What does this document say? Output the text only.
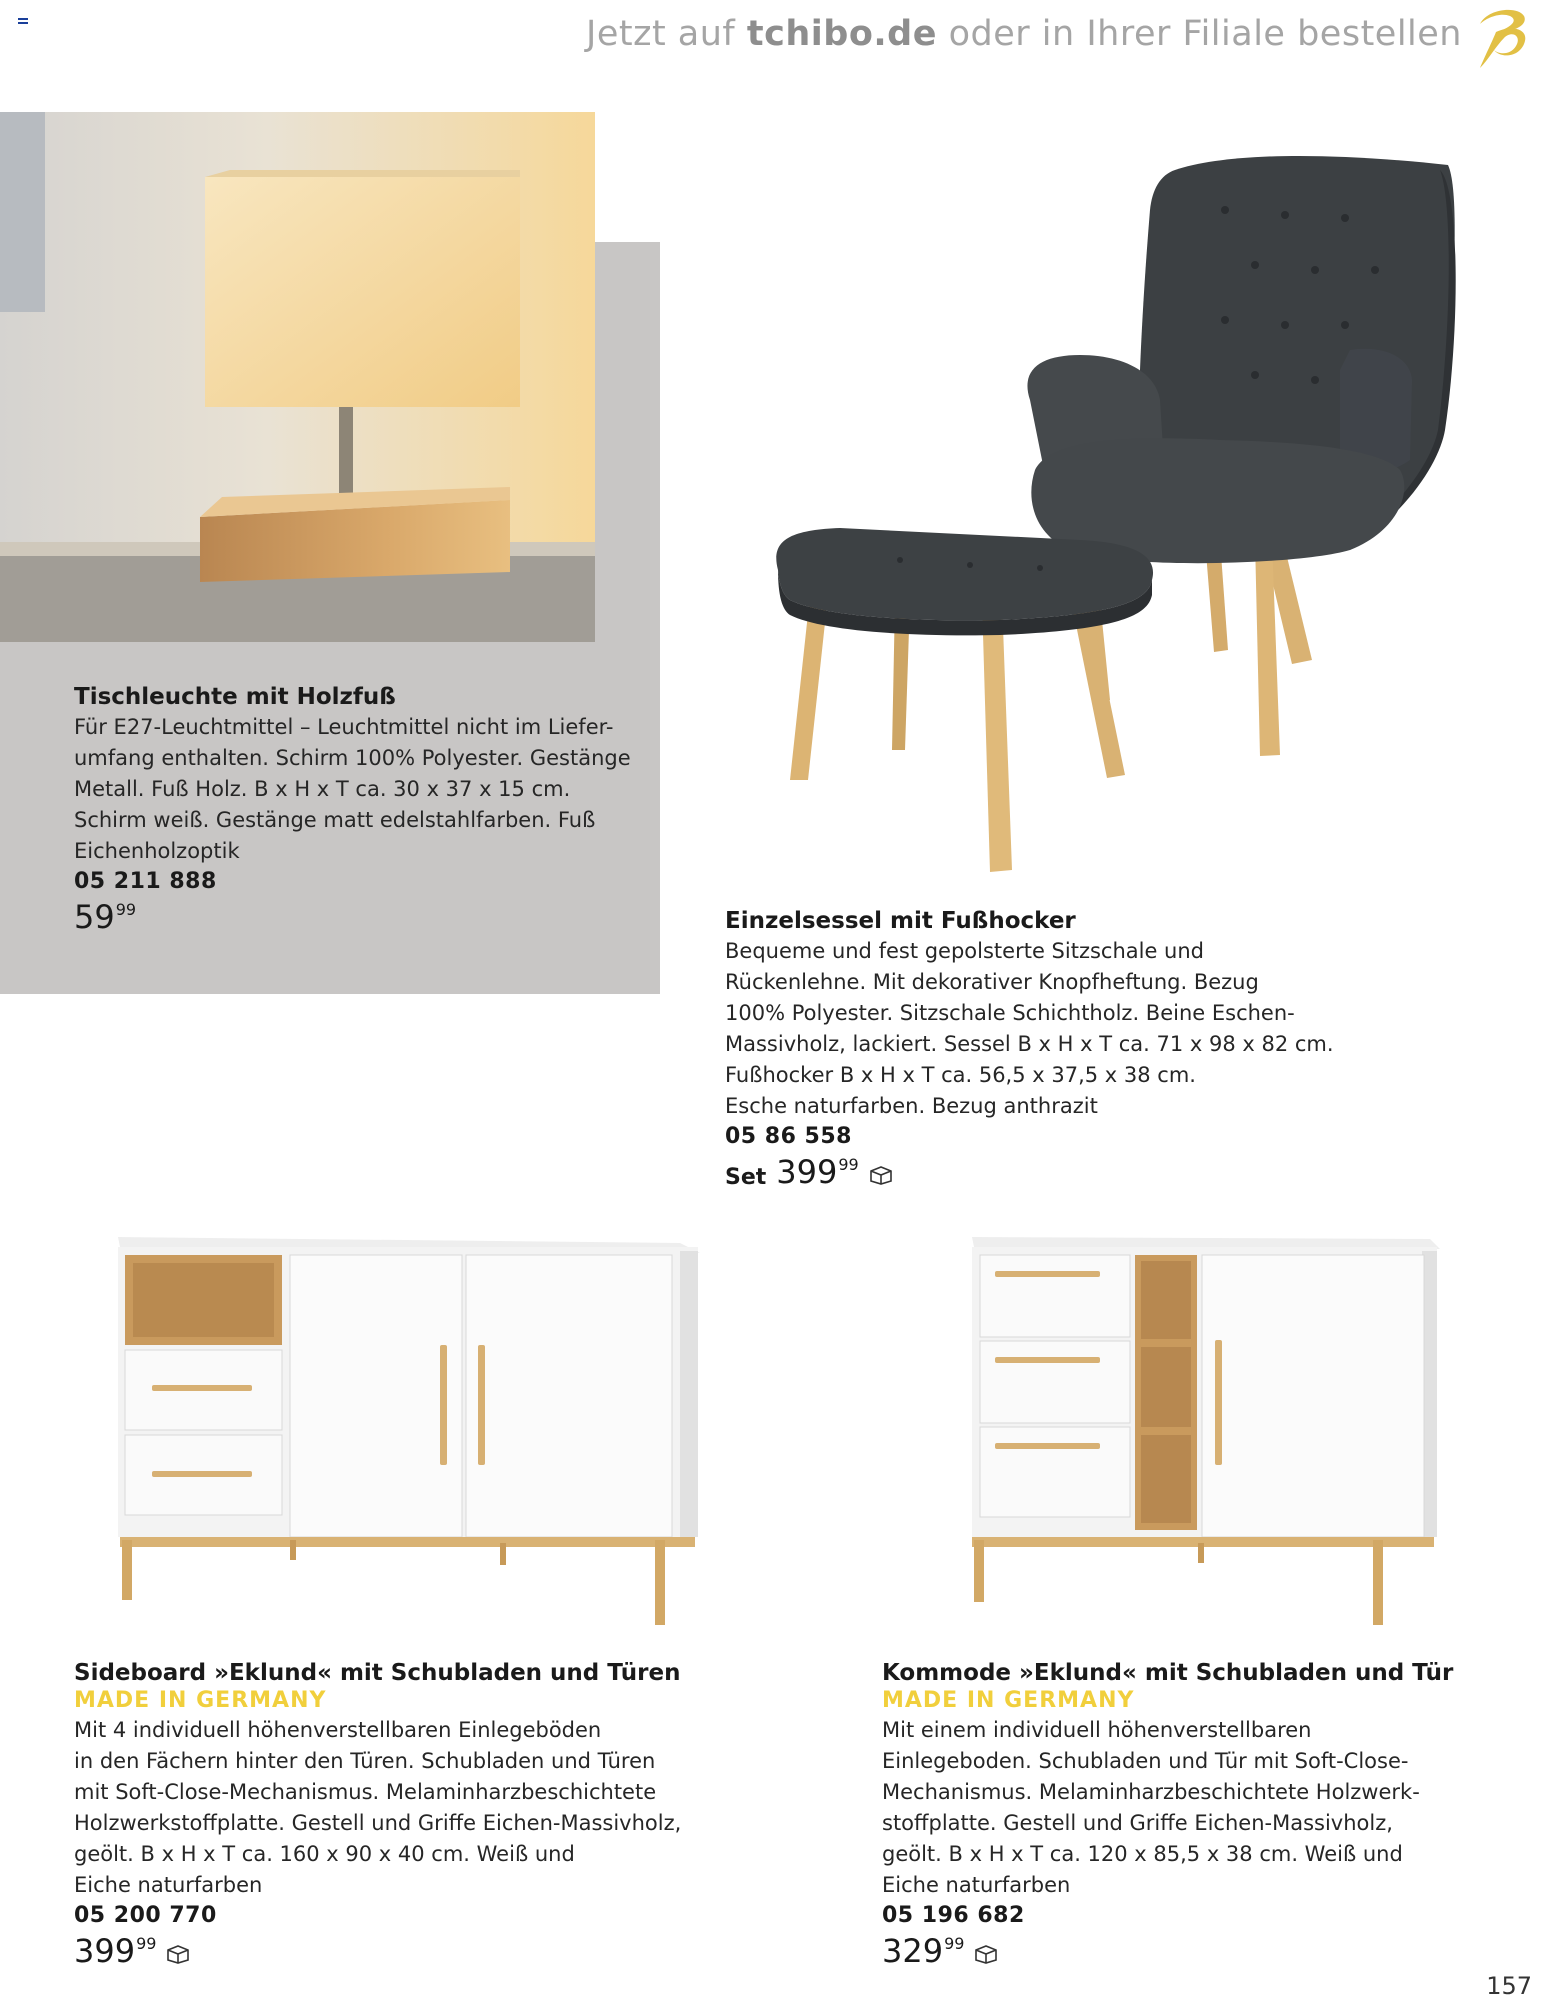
Jetzt auf tchibo.de oder in Ihrer Filiale bestellen
Tischleuchte mit Holzfuß
Für E27-Leuchtmittel – Leuchtmittel nicht im Liefer-
umfang enthalten. Schirm 100% Polyester. Gestänge
Metall. Fuß Holz. B x H x T ca. 30 x 37 x 15 cm.
Schirm weiß. Gestänge matt edelstahlfarben. Fuß
Eichenholzoptik
05 211 888
$59^{99}$	Einzelsessel mit Fußhocker
Bequeme und fest gepolsterte Sitzschale und
Rückenlehne. Mit dekorativer Knopfheftung. Bezug
100% Polyester. Sitzschale Schichtholz. Beine Eschen-
Massivholz, lackiert. Sessel B x H x T ca. 71 x 98 x 82 cm.
Fußhocker B x H x T ca. 56,5 x 37,5 x 38 cm.
Esche naturfarben. Bezug anthrazit
05 86 558
Set $399^{99}$
Sideboard »Eklund« mit Schubladen und Türen
MADE IN GERMANY
Mit 4 individuell höhenverstellbaren Einlegeböden
in den Fächern hinter den Türen. Schubladen und Türen
mit Soft-Close-Mechanismus. Melaminharzbeschichtete
Holzwerkstoffplatte. Gestell und Griffe Eichen-Massivholz,
geölt. B x H x T ca. 160 x 90 x 40 cm. Weiß und
Eiche naturfarben
05 200 770
$399^{99}$
Kommode »Eklund« mit Schubladen und Tür
MADE IN GERMANY
Mit einem individuell höhenverstellbaren
Einlegeboden. Schubladen und Tür mit Soft-Close-
Mechanismus. Melaminharzbeschichtete Holzwerk-
stoffplatte. Gestell und Griffe Eichen-Massivholz,
geölt. B x H x T ca. 120 x 85,5 x 38 cm. Weiß und
Eiche naturfarben
05 196 682
$329^{99}$
157
